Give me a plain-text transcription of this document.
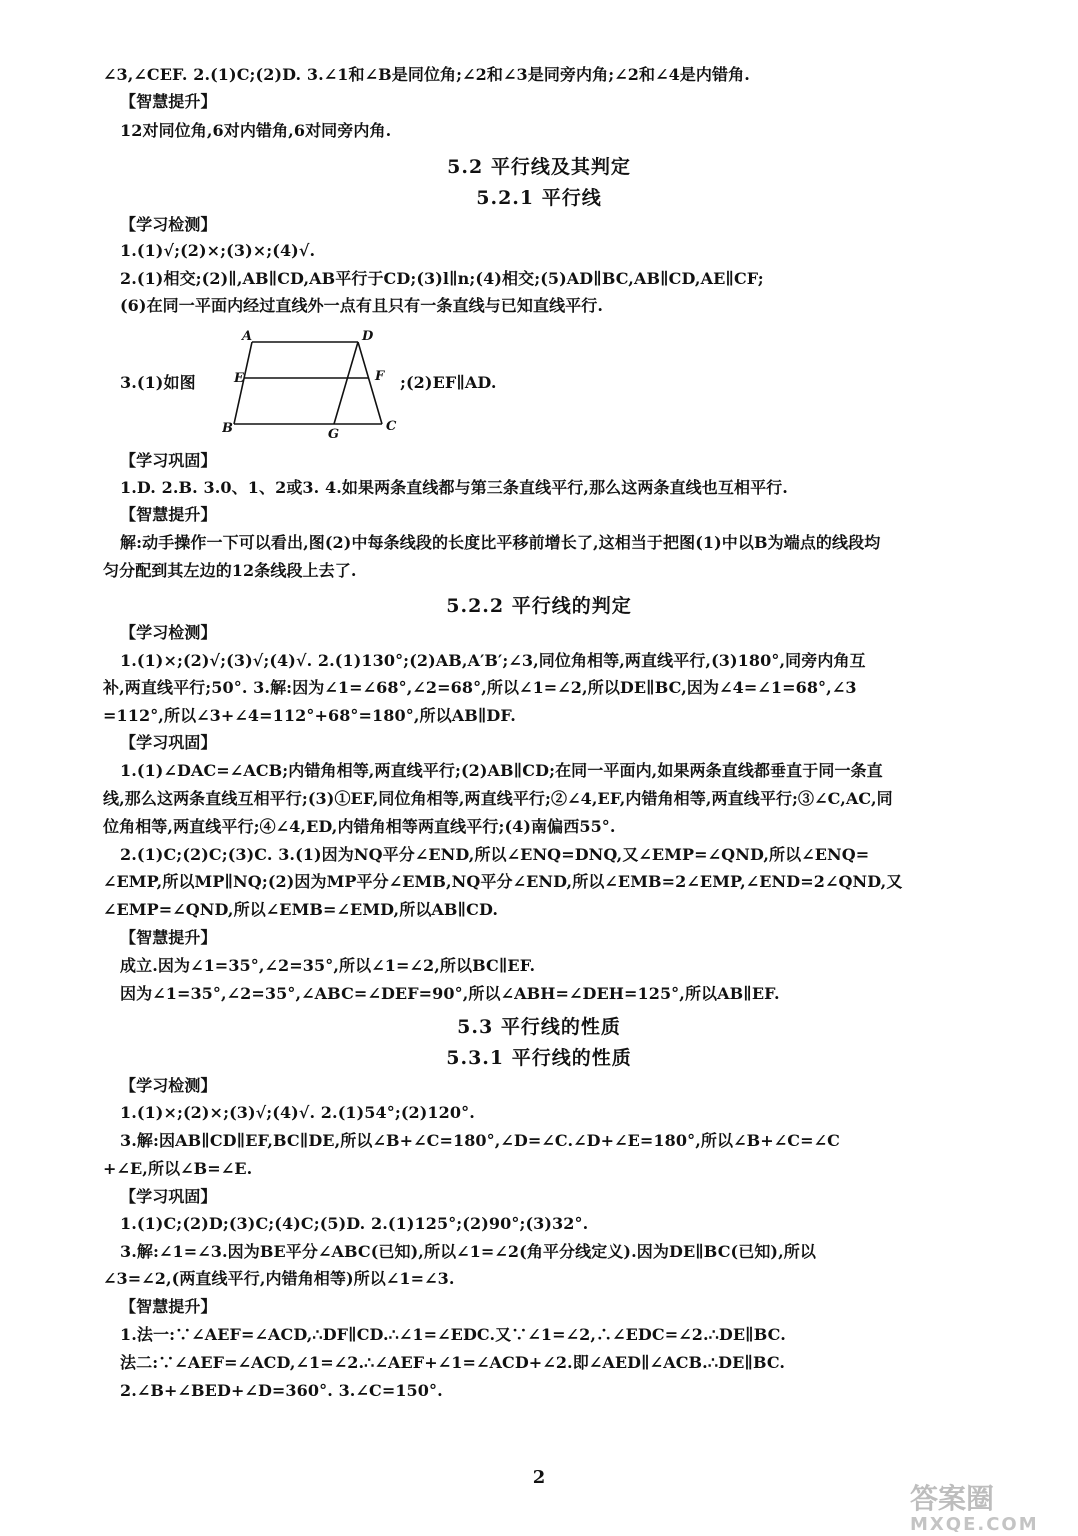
∠3,∠CEF. 2.(1)C;(2)D. 3.∠1和∠B是同位角;∠2和∠3是同旁内角;∠2和∠4是内错角.
【智慧提升】
12对同位角,6对内错角,6对同旁内角.
5.2 平行线及其判定
5.2.1 平行线
【学习检测】
1.(1)√;(2)×;(3)×;(4)√.
2.(1)相交;(2)∥,AB∥CD,AB平行于CD;(3)l∥n;(4)相交;(5)AD∥BC,AB∥CD,AE∥CF;
(6)在同一平面内经过直线外一点有且只有一条直线与已知直线平行.
3.(1)如图
A	D
E	F
B	G
C
;(2)EF∥AD.
【学习巩固】
1.D. 2.B. 3.0、1、2或3. 4.如果两条直线都与第三条直线平行,那么这两条直线也互相平行.
【智慧提升】
解:动手操作一下可以看出,图(2)中每条线段的长度比平移前增长了,这相当于把图(1)中以B为端点的线段均
匀分配到其左边的12条线段上去了.
5.2.2 平行线的判定
【学习检测】
1.(1)×;(2)√;(3)√;(4)√. 2.(1)130°;(2)AB,A′B′;∠3,同位角相等,两直线平行,(3)180°,同旁内角互
补,两直线平行;50°. 3.解:因为∠1=∠68°,∠2=68°,所以∠1=∠2,所以DE∥BC,因为∠4=∠1=68°,∠3
=112°,所以∠3+∠4=112°+68°=180°,所以AB∥DF.
【学习巩固】
1.(1)∠DAC=∠ACB;内错角相等,两直线平行;(2)AB∥CD;在同一平面内,如果两条直线都垂直于同一条直
线,那么这两条直线互相平行;(3)①EF,同位角相等,两直线平行;②∠4,EF,内错角相等,两直线平行;③∠C,AC,同
位角相等,两直线平行;④∠4,ED,内错角相等两直线平行;(4)南偏西55°.
2.(1)C;(2)C;(3)C. 3.(1)因为NQ平分∠END,所以∠ENQ=DNQ,又∠EMP=∠QND,所以∠ENQ=
∠EMP,所以MP∥NQ;(2)因为MP平分∠EMB,NQ平分∠END,所以∠EMB=2∠EMP,∠END=2∠QND,又
∠EMP=∠QND,所以∠EMB=∠EMD,所以AB∥CD.
【智慧提升】
成立.因为∠1=35°,∠2=35°,所以∠1=∠2,所以BC∥EF.
因为∠1=35°,∠2=35°,∠ABC=∠DEF=90°,所以∠ABH=∠DEH=125°,所以AB∥EF.
5.3 平行线的性质
5.3.1 平行线的性质
【学习检测】
1.(1)×;(2)×;(3)√;(4)√. 2.(1)54°;(2)120°.
3.解:因AB∥CD∥EF,BC∥DE,所以∠B+∠C=180°,∠D=∠C.∠D+∠E=180°,所以∠B+∠C=∠C
+∠E,所以∠B=∠E.
【学习巩固】
1.(1)C;(2)D;(3)C;(4)C;(5)D. 2.(1)125°;(2)90°;(3)32°.
3.解:∠1=∠3.因为BE平分∠ABC(已知),所以∠1=∠2(角平分线定义).因为DE∥BC(已知),所以
∠3=∠2,(两直线平行,内错角相等)所以∠1=∠3.
【智慧提升】
1.法一:∵∠AEF=∠ACD,∴DF∥CD.∴∠1=∠EDC.又∵∠1=∠2,∴∠EDC=∠2.∴DE∥BC.
法二:∵∠AEF=∠ACD,∠1=∠2.∴∠AEF+∠1=∠ACD+∠2.即∠AED∥∠ACB.∴DE∥BC.
2.∠B+∠BED+∠D=360°. 3.∠C=150°.
2
答案圈
MXQE.COM
